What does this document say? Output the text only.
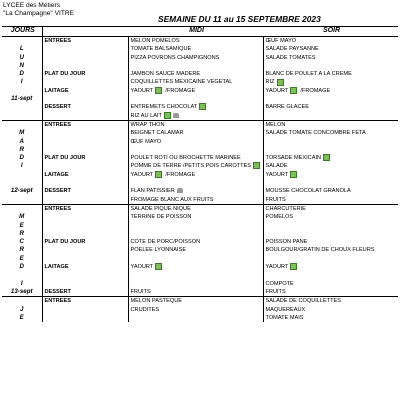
LYCEE des Métiers
"La Champagne" VITRE
SEMAINE DU 11 au 15 SEPTEMBRE 2023
JOURS		MIDI	SOIR
	ENTREES	MELON POMELOS	ŒUF MAYO
L		TOMATE BALSAMIQUE	SALADE PAYSANNE
U		PIZZA POVRONS CHAMPIGNONS	SALADE TOMATES
N			
D	PLAT DU JOUR	JAMBON SAUCE MADERE	BLANC DE POULET A LA CREME
I		COQUILLETTES MEXICAINE VEGETAL	RIZ
	LAITAGE	YAOURT /FROMAGE	YAOURT /FROMAGE
11-sept			
	DESSERT	ENTREMETS CHOCOLAT	BARRE GLACEE
		RIZ AU LAIT	
	ENTREES	WRAP THON	MELON
M		BEIGNET CALAMAR	SALADE TOMATE CONCOMBRE FETA
A		ŒUF MAYO	
R			
D	PLAT DU JOUR	POULET ROTI OU BROCHETTE MARINEE	TORSADE MEXICAIN
I		POMME DE TERRE /PETITS POIS CAROTTES	SALADE
	LAITAGE	YAOURT /FROMAGE	YAOURT

12-sept	DESSERT	FLAN PATISSIER	MOUSSE CHOCOLAT GRANOLA
		FROMAGE BLANC AUX FRUITS	FRUITS
	ENTREES	SALADE PIQUE NIQUE	CHARCUTERIE
M		TERRINE DE POISSON	POMELOS
E			
R			
C	PLAT DU JOUR	COTE DE PORC/POISSON	POISSON PANE
R		POELEE LYONNAISE	BOULGOUR/GRATIN DE CHOUX FLEURS
E			
D	LAITAGE	YAOURT	YAOURT

I			COMPOTE
13-sept	DESSERT	FRUITS	FRUITS
	ENTREES	MELON PASTEQUE	SALADE DE COQUILLETTES
J		CRUDITES	MAQUEREAUX
E			TOMATE MAIS
